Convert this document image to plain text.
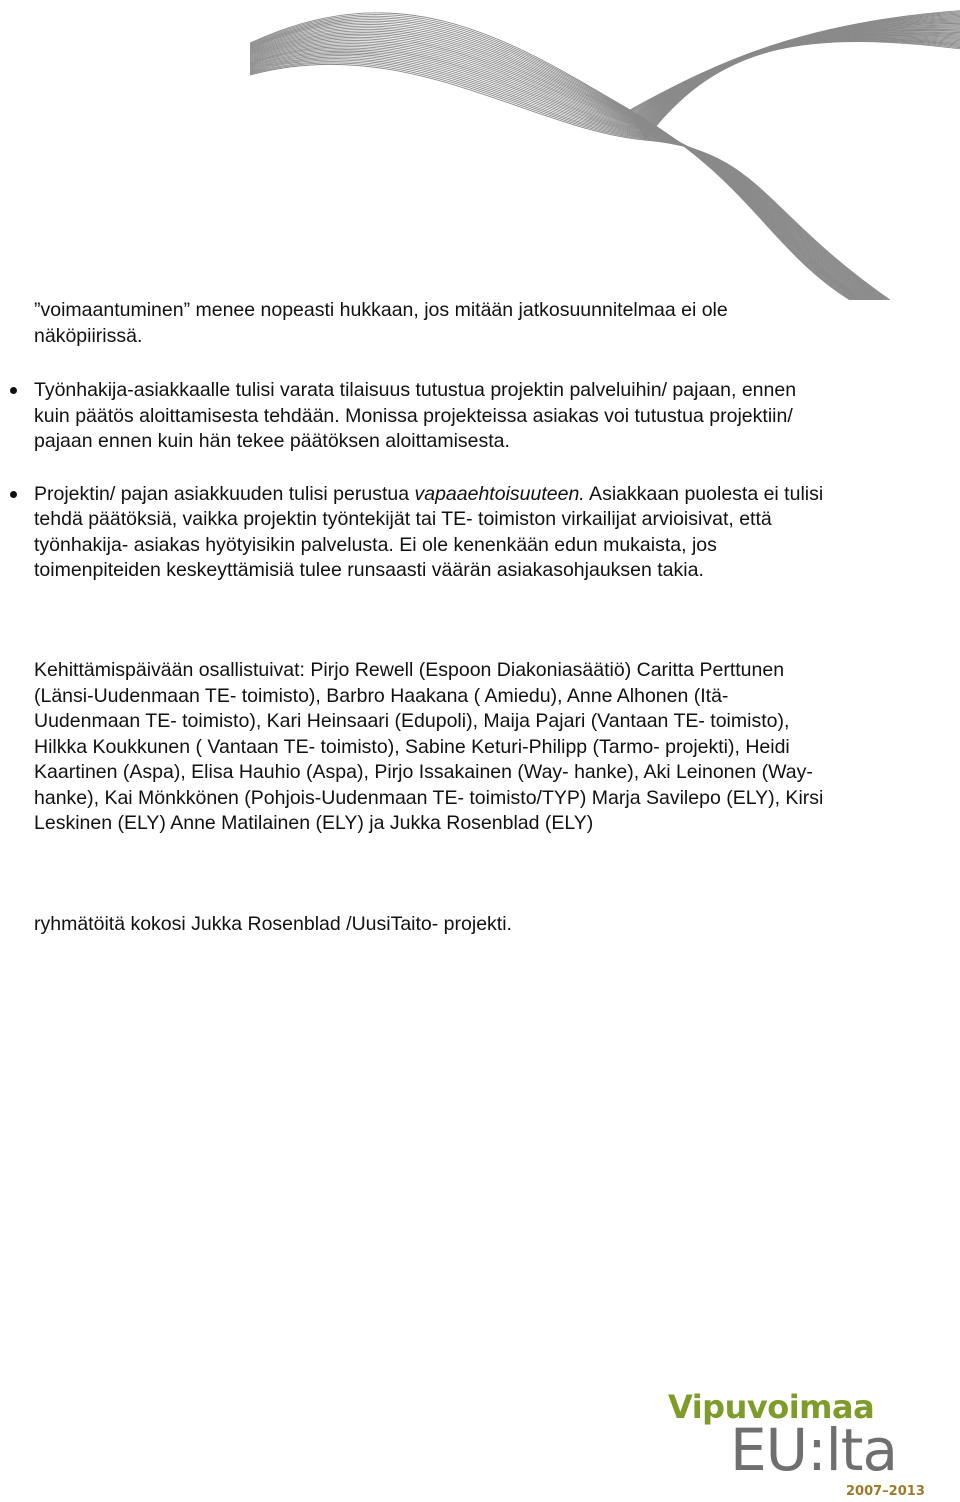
”voimaantuminen” menee nopeasti hukkaan, jos mitään jatkosuunnitelmaa ei ole näköpiirissä.
Työnhakija-asiakkaalle tulisi varata tilaisuus tutustua projektin palveluihin/ pajaan, ennen kuin päätös aloittamisesta tehdään. Monissa projekteissa asiakas voi tutustua projektiin/ pajaan ennen kuin hän tekee päätöksen aloittamisesta.
Projektin/ pajan asiakkuuden tulisi perustua vapaaehtoisuuteen. Asiakkaan puolesta ei tulisi tehdä päätöksiä, vaikka projektin työntekijät tai TE- toimiston virkailijat arvioisivat, että työnhakija- asiakas hyötyisikin palvelusta. Ei ole kenenkään edun mukaista, jos toimenpiteiden keskeyttämisiä tulee runsaasti väärän asiakasohjauksen takia.
Kehittämispäivään osallistuivat: Pirjo Rewell (Espoon Diakoniasäätiö) Caritta Perttunen (Länsi-Uudenmaan TE- toimisto), Barbro Haakana ( Amiedu), Anne Alhonen (Itä-Uudenmaan TE- toimisto), Kari Heinsaari (Edupoli), Maija Pajari (Vantaan TE- toimisto), Hilkka Koukkunen ( Vantaan TE- toimisto), Sabine Keturi-Philipp (Tarmo- projekti), Heidi Kaartinen (Aspa), Elisa Hauhio (Aspa), Pirjo Issakainen (Way- hanke), Aki Leinonen (Way- hanke), Kai Mönkkönen (Pohjois-Uudenmaan TE- toimisto/TYP) Marja Savilepo (ELY), Kirsi Leskinen (ELY) Anne Matilainen (ELY) ja Jukka Rosenblad (ELY)
ryhmätöitä kokosi Jukka Rosenblad /UusiTaito- projekti.
Vipuvoimaa
EU:lta
2007–2013
